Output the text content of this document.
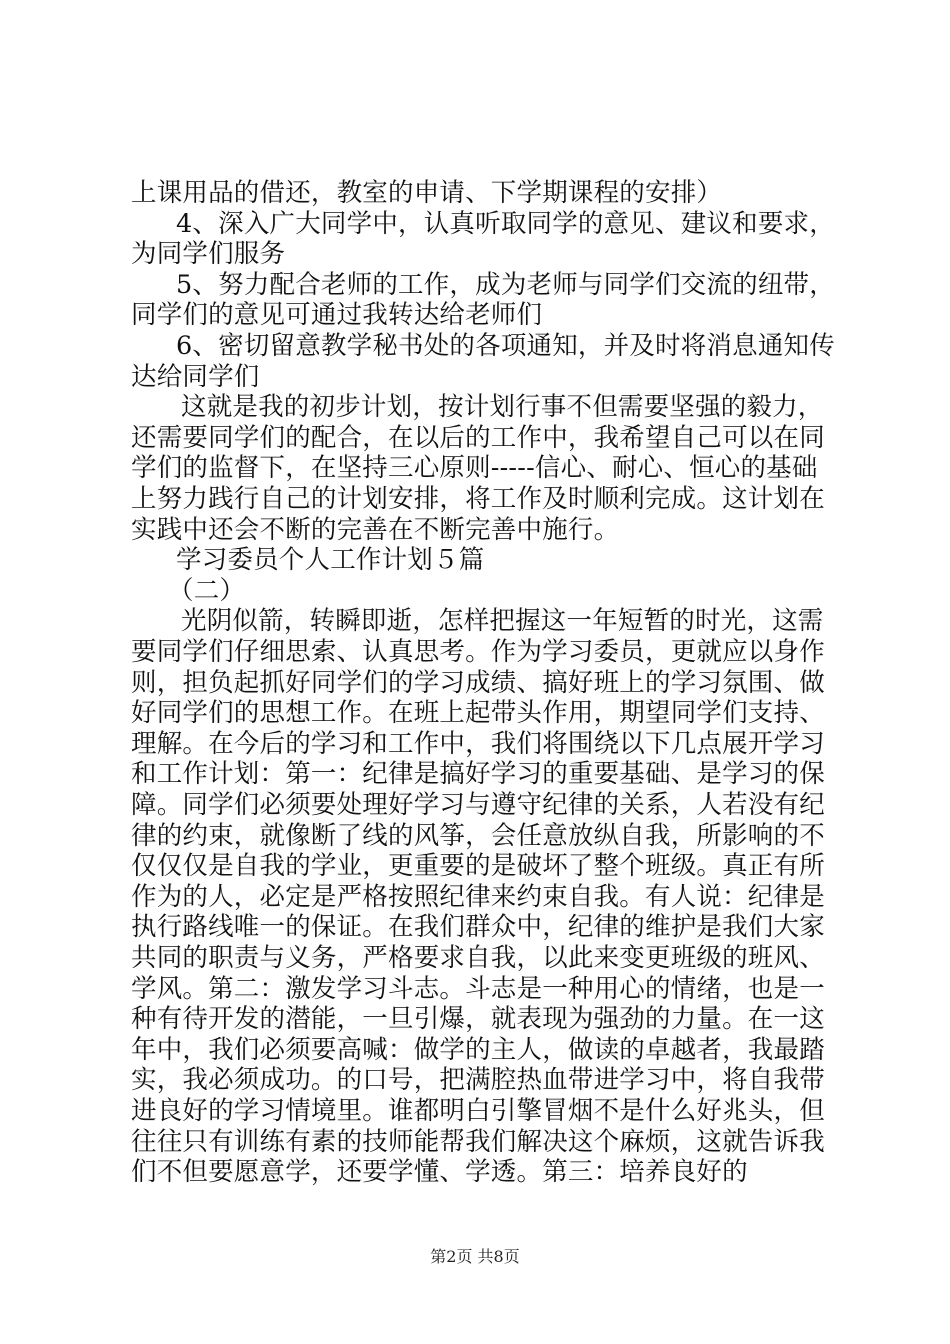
上课用品的借还，教室的申请、下学期课程的安排）
4、深入广大同学中，认真听取同学的意见、建议和要求，
为同学们服务
5、努力配合老师的工作，成为老师与同学们交流的纽带，
同学们的意见可通过我转达给老师们
6、密切留意教学秘书处的各项通知，并及时将消息通知传
达给同学们
这就是我的初步计划，按计划行事不但需要坚强的毅力，
还需要同学们的配合，在以后的工作中，我希望自己可以在同
学们的监督下，在坚持三心原则-----信心、耐心、恒心的基础
上努力践行自己的计划安排，将工作及时顺利完成。这计划在
实践中还会不断的完善在不断完善中施行。
学习委员个人工作计划５篇
（二）
光阴似箭，转瞬即逝，怎样把握这一年短暂的时光，这需
要同学们仔细思索、认真思考。作为学习委员，更就应以身作
则，担负起抓好同学们的学习成绩、搞好班上的学习氛围、做
好同学们的思想工作。在班上起带头作用，期望同学们支持、
理解。在今后的学习和工作中，我们将围绕以下几点展开学习
和工作计划：第一：纪律是搞好学习的重要基础、是学习的保
障。同学们必须要处理好学习与遵守纪律的关系，人若没有纪
律的约束，就像断了线的风筝，会任意放纵自我，所影响的不
仅仅仅是自我的学业，更重要的是破坏了整个班级。真正有所
作为的人，必定是严格按照纪律来约束自我。有人说：纪律是
执行路线唯一的保证。在我们群众中，纪律的维护是我们大家
共同的职责与义务，严格要求自我，以此来变更班级的班风、
学风。第二：激发学习斗志。斗志是一种用心的情绪，也是一
种有待开发的潜能，一旦引爆，就表现为强劲的力量。在一这
年中，我们必须要高喊：做学的主人，做读的卓越者，我最踏
实，我必须成功。的口号，把满腔热血带进学习中，将自我带
进良好的学习情境里。谁都明白引擎冒烟不是什么好兆头，但
往往只有训练有素的技师能帮我们解决这个麻烦，这就告诉我
们不但要愿意学，还要学懂、学透。第三：培养良好的
第2页 共8页
